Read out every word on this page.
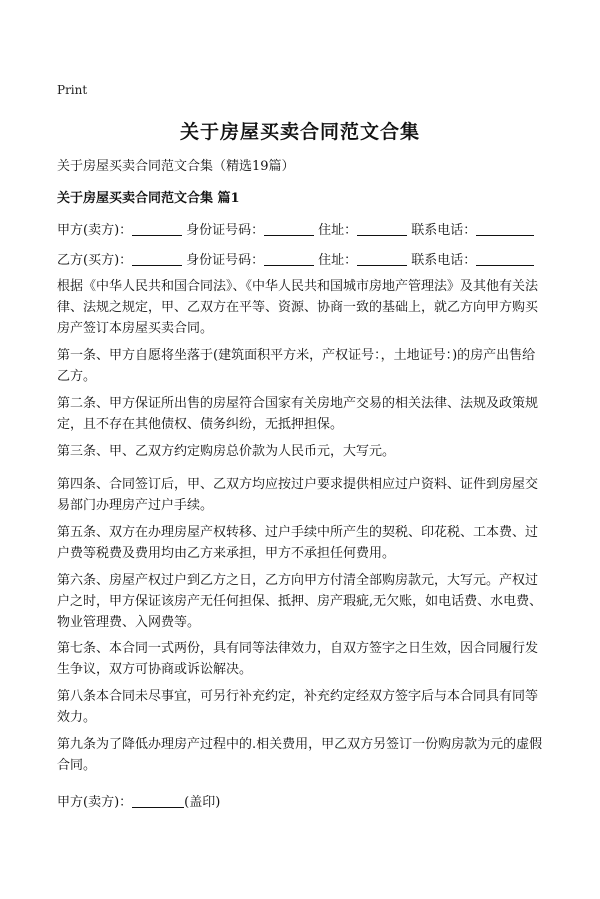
Print
关于房屋买卖合同范文合集
关于房屋买卖合同范文合集（精选19篇）
关于房屋买卖合同范文合集 篇1
甲方(卖方)：	身份证号码：	住址：	联系电话：
乙方(买方)：	身份证号码：	住址：	联系电话：
根据《中华人民共和国合同法》、《中华人民共和国城市房地产管理法》及其他有关法律、法规之规定，甲、乙双方在平等、资源、协商一致的基础上，就乙方向甲方购买房产签订本房屋买卖合同。
第一条、甲方自愿将坐落于(建筑面积平方米，产权证号：，土地证号：)的房产出售给乙方。
第二条、甲方保证所出售的房屋符合国家有关房地产交易的相关法律、法规及政策规定，且不存在其他债权、债务纠纷，无抵押担保。
第三条、甲、乙双方约定购房总价款为人民币元，大写元。
第四条、合同签订后，甲、乙双方均应按过户要求提供相应过户资料、证件到房屋交易部门办理房产过户手续。
第五条、双方在办理房屋产权转移、过户手续中所产生的契税、印花税、工本费、过户费等税费及费用均由乙方来承担，甲方不承担任何费用。
第六条、房屋产权过户到乙方之日，乙方向甲方付清全部购房款元，大写元。产权过户之时，甲方保证该房产无任何担保、抵押、房产瑕疵,无欠账，如电话费、水电费、物业管理费、入网费等。
第七条、本合同一式两份，具有同等法律效力，自双方签字之日生效，因合同履行发生争议，双方可协商或诉讼解决。
第八条本合同未尽事宜，可另行补充约定，补充约定经双方签字后与本合同具有同等效力。
第九条为了降低办理房产过程中的.相关费用，甲乙双方另签订一份购房款为元的虚假合同。
甲方(卖方)：	(盖印)
